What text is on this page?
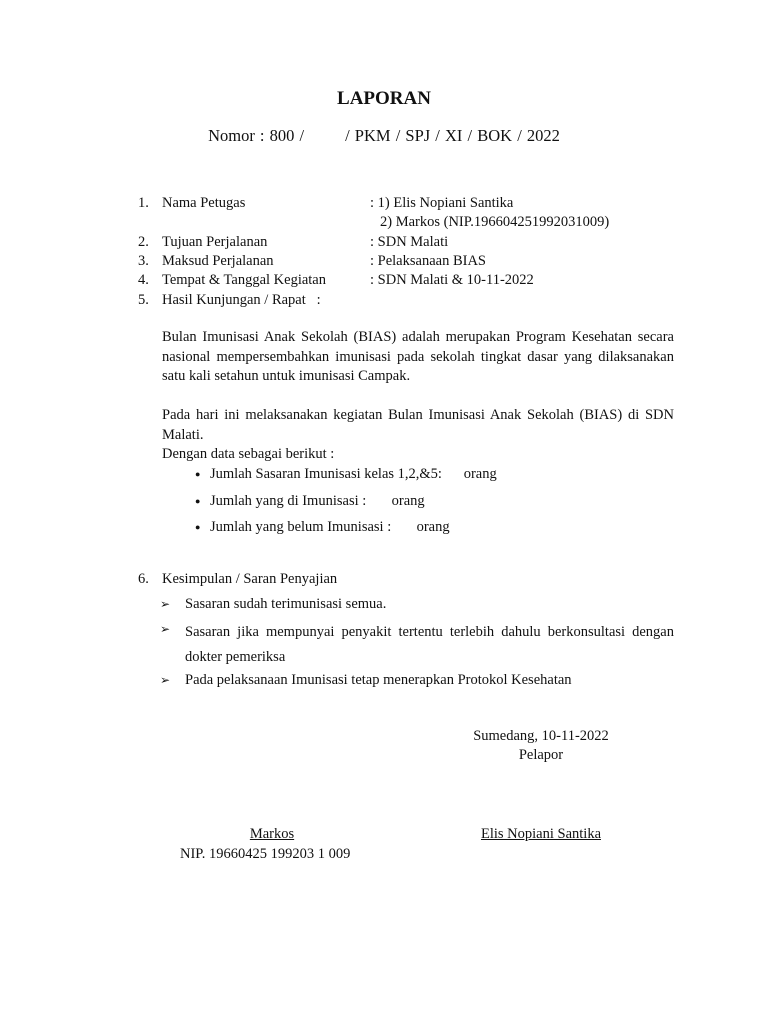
LAPORAN
Nomor : 800 /        / PKM / SPJ / XI / BOK / 2022
1. Nama Petugas	: 1) Elis Nopiani Santika
2) Markos (NIP.196604251992031009)
2. Tujuan Perjalanan	: SDN Malati
3. Maksud Perjalanan	: Pelaksanaan BIAS
4. Tempat & Tanggal Kegiatan	: SDN Malati & 10-11-2022
5. Hasil Kunjungan / Rapat   :
Bulan Imunisasi Anak Sekolah (BIAS) adalah merupakan Program Kesehatan secara nasional mempersembahkan imunisasi pada sekolah tingkat dasar yang dilaksanakan satu kali setahun untuk imunisasi Campak.
Pada hari ini melaksanakan kegiatan Bulan Imunisasi Anak Sekolah (BIAS) di SDN Malati.
Dengan data sebagai berikut :
● Jumlah Sasaran Imunisasi kelas 1,2,&5:      orang
● Jumlah yang di Imunisasi :       orang
● Jumlah yang belum Imunisasi :       orang
6. Kesimpulan / Saran Penyajian
➢ Sasaran sudah terimunisasi semua.
➢ Sasaran jika mempunyai penyakit tertentu terlebih dahulu berkonsultasi dengan dokter pemeriksa
➢ Pada pelaksanaan Imunisasi tetap menerapkan Protokol Kesehatan
Sumedang, 10-11-2022
Pelapor
Markos
NIP. 19660425 199203 1 009
Elis Nopiani Santika
